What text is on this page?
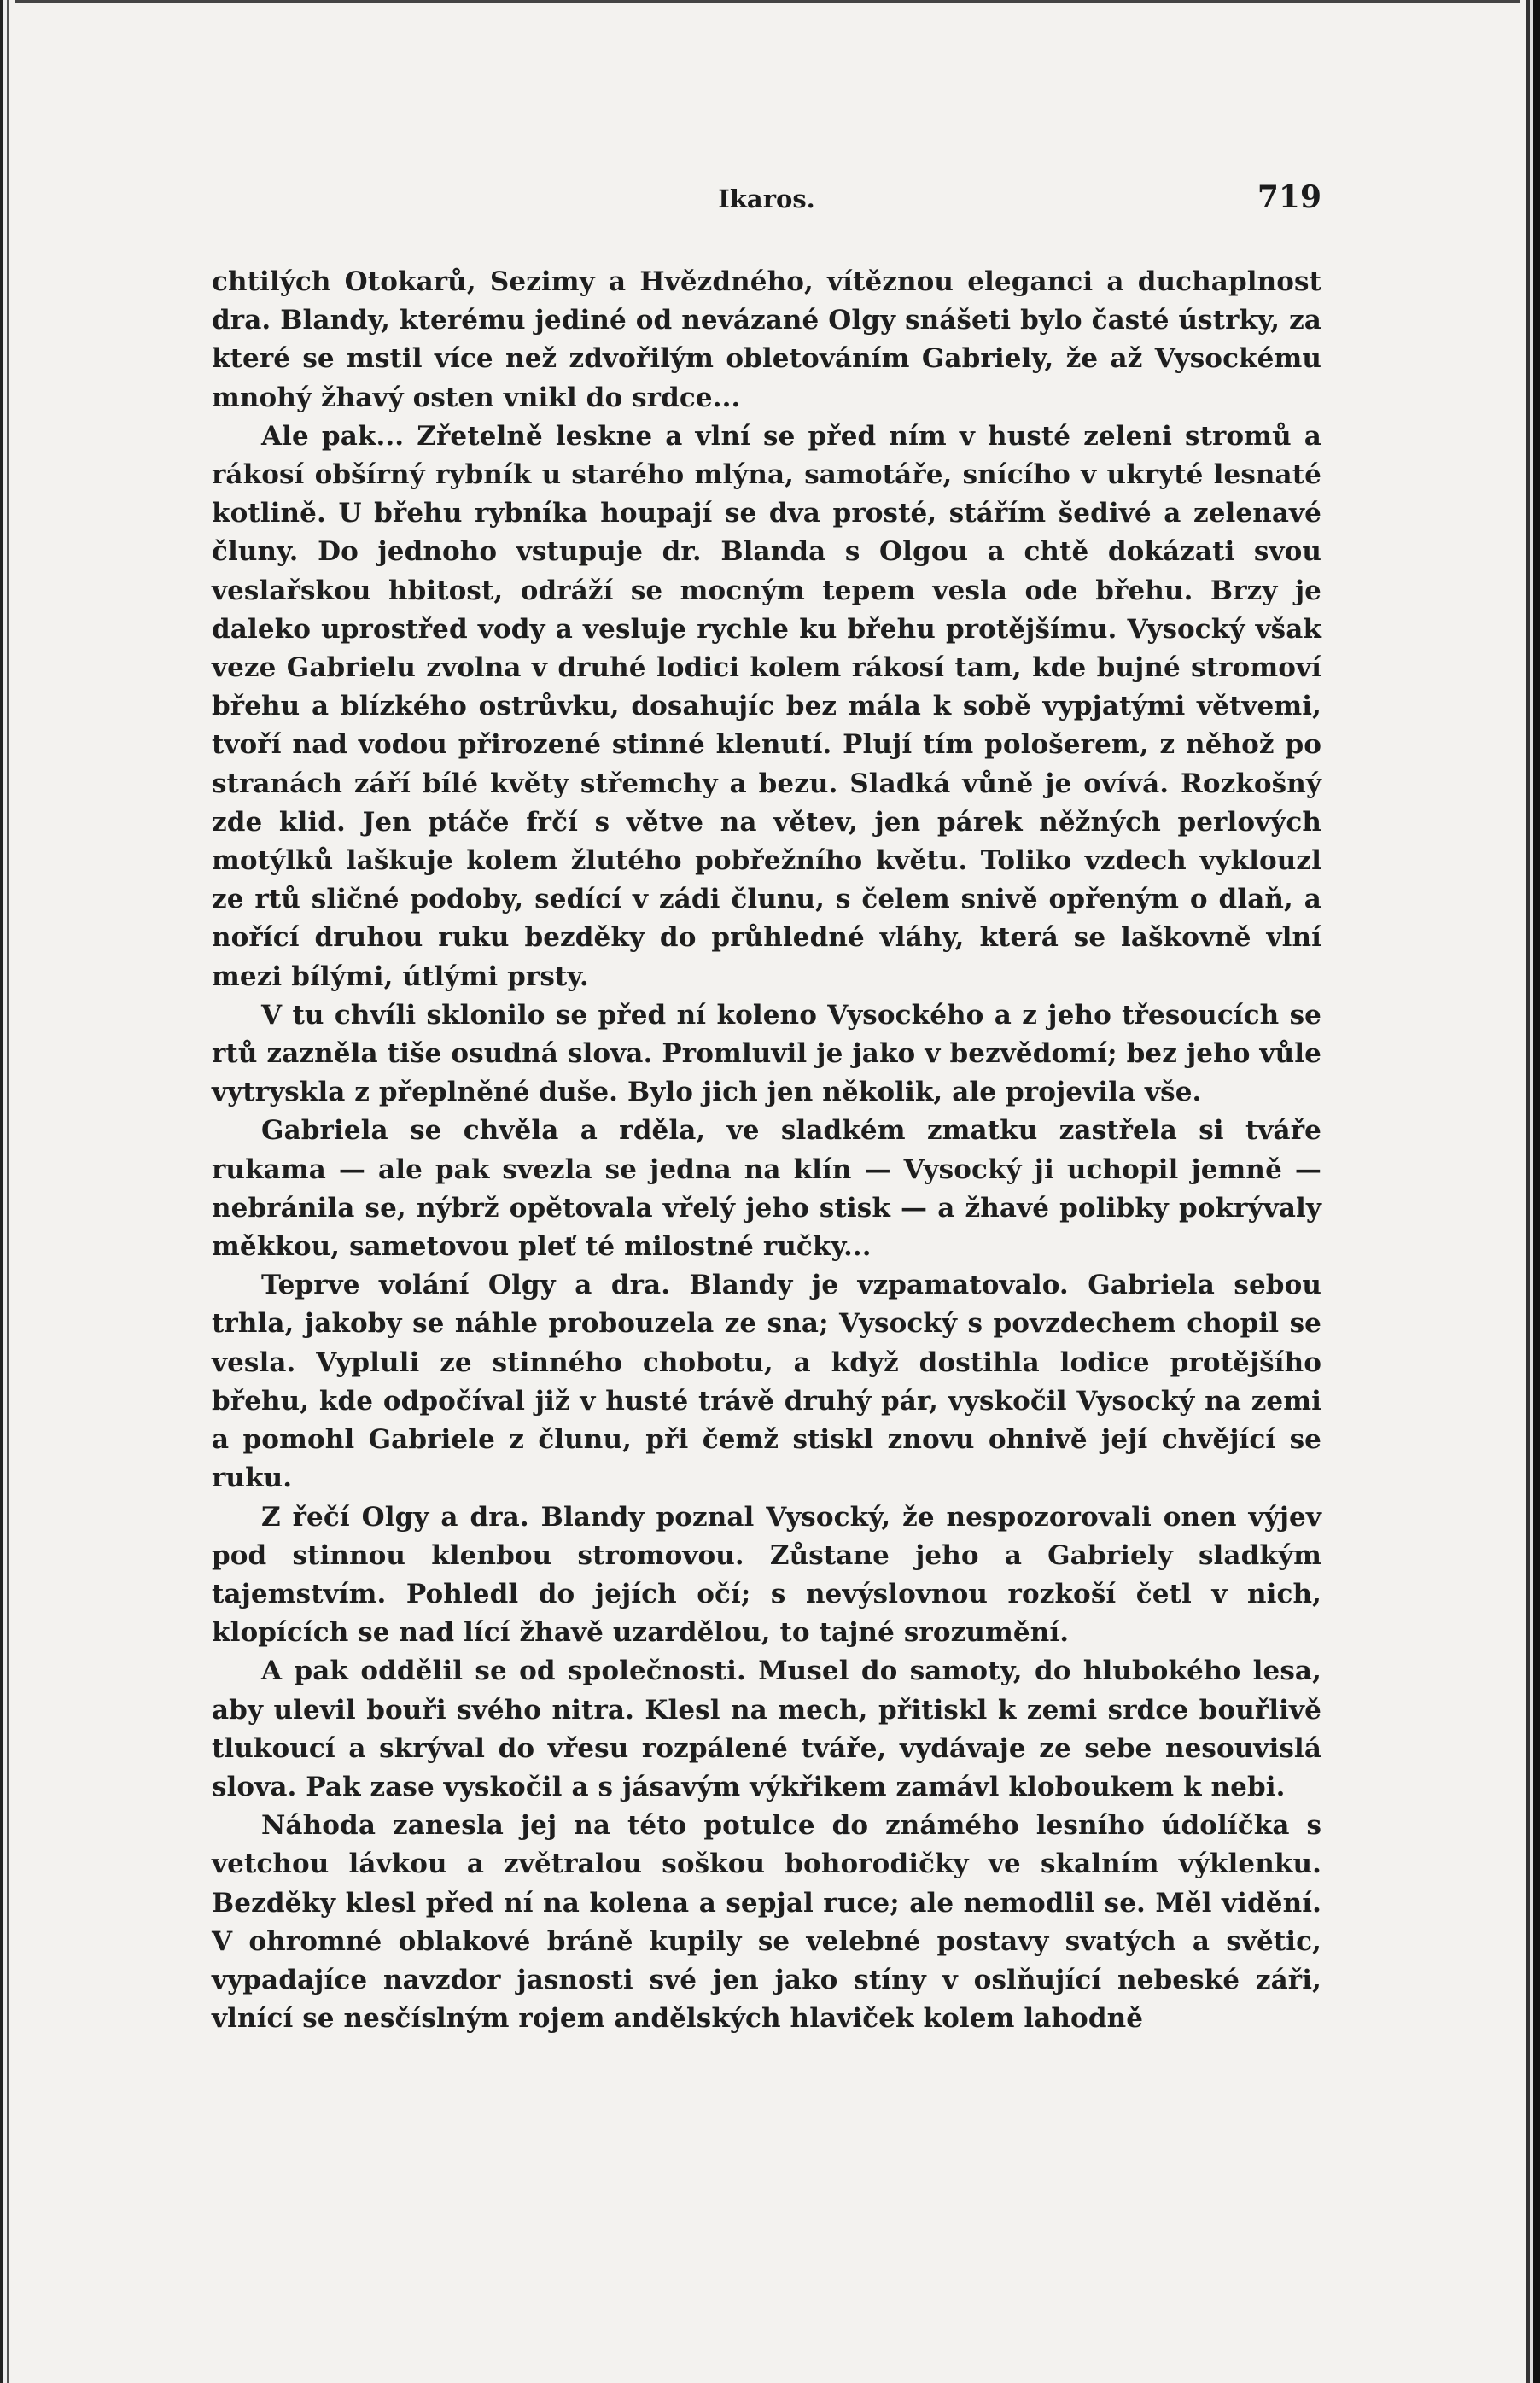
Ikaros.	719

chtilých Otokarů, Sezimy a Hvězdného, vítěznou eleganci a duchaplnost dra. Blandy, kterému jediné od nevázané Olgy snášeti bylo časté ústrky, za které se mstil více než zdvořilým obletováním Gabriely, že až Vysockému mnohý žhavý osten vnikl do srdce...

Ale pak... Zřetelně leskne a vlní se před ním v husté zeleni stromů a rákosí obšírný rybník u starého mlýna, samotáře, snícího v ukryté lesnaté kotlině. U břehu rybníka houpají se dva prosté, stářím šedivé a zelenavé čluny. Do jednoho vstupuje dr. Blanda s Olgou a chtě dokázati svou veslařskou hbitost, odráží se mocným tepem vesla ode břehu. Brzy je daleko uprostřed vody a vesluje rychle ku břehu protějšímu. Vysocký však veze Gabrielu zvolna v druhé lodici kolem rákosí tam, kde bujné stromoví břehu a blízkého ostrůvku, dosahujíc bez mála k sobě vypjatými větvemi, tvoří nad vodou přirozené stinné klenutí. Plují tím pološerem, z něhož po stranách září bílé květy střemchy a bezu. Sladká vůně je ovívá. Rozkošný zde klid. Jen ptáče frčí s větve na větev, jen párek něžných perlových motýlků laškuje kolem žlutého pobřežního květu. Toliko vzdech vyklouzl ze rtů sličné podoby, sedící v zádi člunu, s čelem snivě opřeným o dlaň, a nořící druhou ruku bezděky do průhledné vláhy, která se laškovně vlní mezi bílými, útlými prsty.

V tu chvíli sklonilo se před ní koleno Vysockého a z jeho třesoucích se rtů zazněla tiše osudná slova. Promluvil je jako v bezvědomí; bez jeho vůle vytryskla z přeplněné duše. Bylo jich jen několik, ale projevila vše.

Gabriela se chvěla a rděla, ve sladkém zmatku zastřela si tváře rukama — ale pak svezla se jedna na klín — Vysocký ji uchopil jemně — nebránila se, nýbrž opětovala vřelý jeho stisk — a žhavé polibky pokrývaly měkkou, sametovou pleť té milostné ručky...

Teprve volání Olgy a dra. Blandy je vzpamatovalo. Gabriela sebou trhla, jakoby se náhle probouzela ze sna; Vysocký s povzdechem chopil se vesla. Vypluli ze stinného chobotu, a když dostihla lodice protějšího břehu, kde odpočíval již v husté trávě druhý pár, vyskočil Vysocký na zemi a pomohl Gabriele z člunu, při čemž stiskl znovu ohnivě její chvějící se ruku.

Z řečí Olgy a dra. Blandy poznal Vysocký, že nespozorovali onen výjev pod stinnou klenbou stromovou. Zůstane jeho a Gabriely sladkým tajemstvím. Pohledl do jejích očí; s nevýslovnou rozkoší četl v nich, klopících se nad lící žhavě uzardělou, to tajné srozumění.

A pak oddělil se od společnosti. Musel do samoty, do hlubokého lesa, aby ulevil bouři svého nitra. Klesl na mech, přitiskl k zemi srdce bouřlivě tlukoucí a skrýval do vřesu rozpálené tváře, vydávaje ze sebe nesouvislá slova. Pak zase vyskočil a s jásavým výkřikem zamávl kloboukem k nebi.

Náhoda zanesla jej na této potulce do známého lesního údolíčka s vetchou lávkou a zvětralou soškou bohorodičky ve skalním výklenku. Bezděky klesl před ní na kolena a sepjal ruce; ale nemodlil se. Měl vidění. V ohromné oblakové bráně kupily se velebné postavy svatých a světic, vypadajíce navzdor jasnosti své jen jako stíny v oslňující nebeské záři, vlnící se nesčíslným rojem andělských hlaviček kolem lahodně
